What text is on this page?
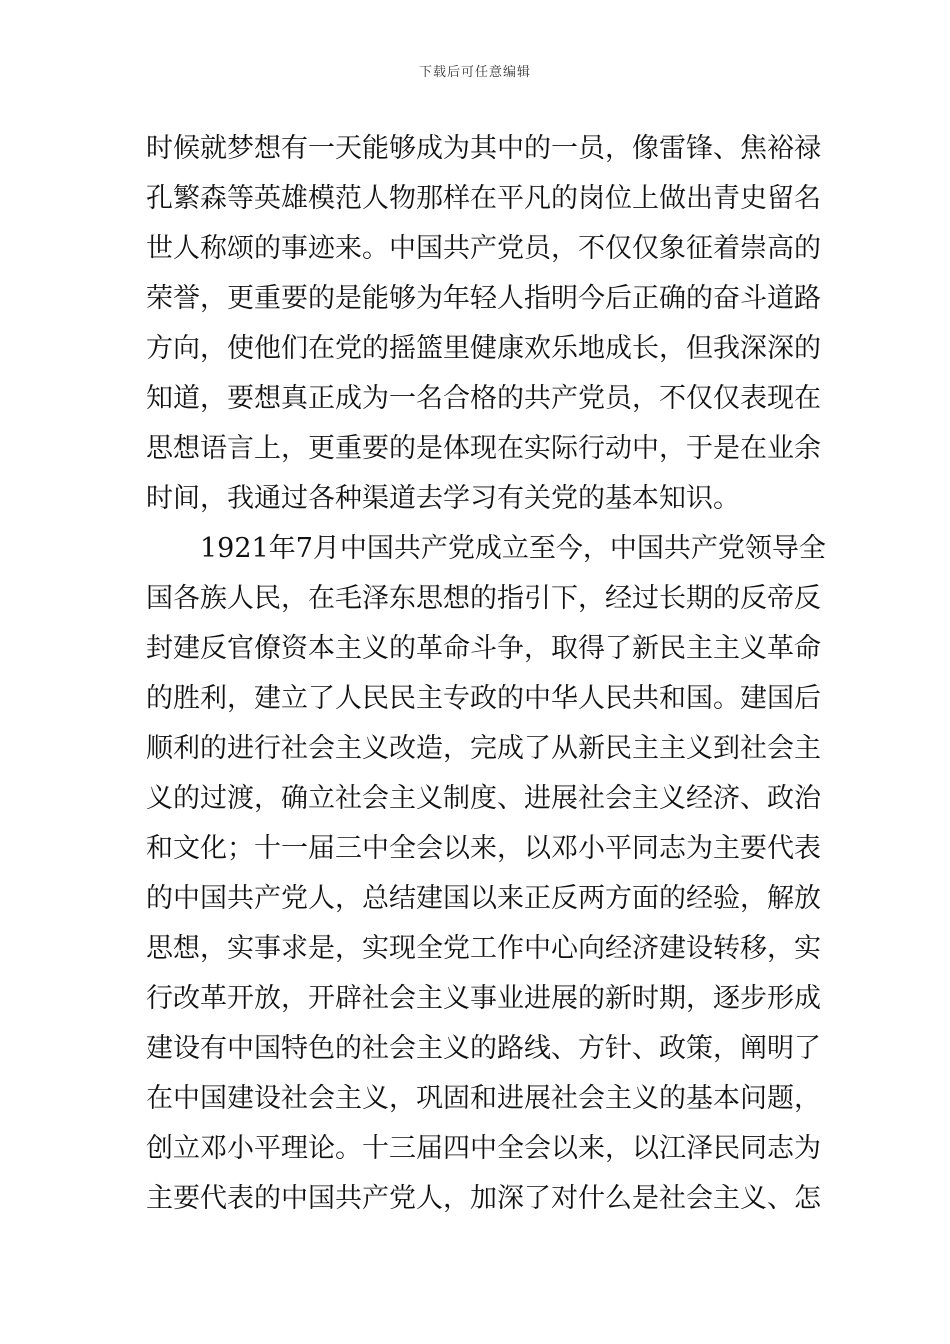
下载后可任意编辑
时候就梦想有一天能够成为其中的一员，像雷锋、焦裕禄
孔繁森等英雄模范人物那样在平凡的岗位上做出青史留名
世人称颂的事迹来。中国共产党员，不仅仅象征着崇高的
荣誉，更重要的是能够为年轻人指明今后正确的奋斗道路
方向，使他们在党的摇篮里健康欢乐地成长，但我深深的
知道，要想真正成为一名合格的共产党员，不仅仅表现在
思想语言上，更重要的是体现在实际行动中，于是在业余
时间，我通过各种渠道去学习有关党的基本知识。
1921年7月中国共产党成立至今，中国共产党领导全
国各族人民，在毛泽东思想的指引下，经过长期的反帝反
封建反官僚资本主义的革命斗争，取得了新民主主义革命
的胜利，建立了人民民主专政的中华人民共和国。建国后
顺利的进行社会主义改造，完成了从新民主主义到社会主
义的过渡，确立社会主义制度、进展社会主义经济、政治
和文化；十一届三中全会以来，以邓小平同志为主要代表
的中国共产党人，总结建国以来正反两方面的经验，解放
思想，实事求是，实现全党工作中心向经济建设转移，实
行改革开放，开辟社会主义事业进展的新时期，逐步形成
建设有中国特色的社会主义的路线、方针、政策，阐明了
在中国建设社会主义，巩固和进展社会主义的基本问题，
创立邓小平理论。十三届四中全会以来，以江泽民同志为
主要代表的中国共产党人，加深了对什么是社会主义、怎
